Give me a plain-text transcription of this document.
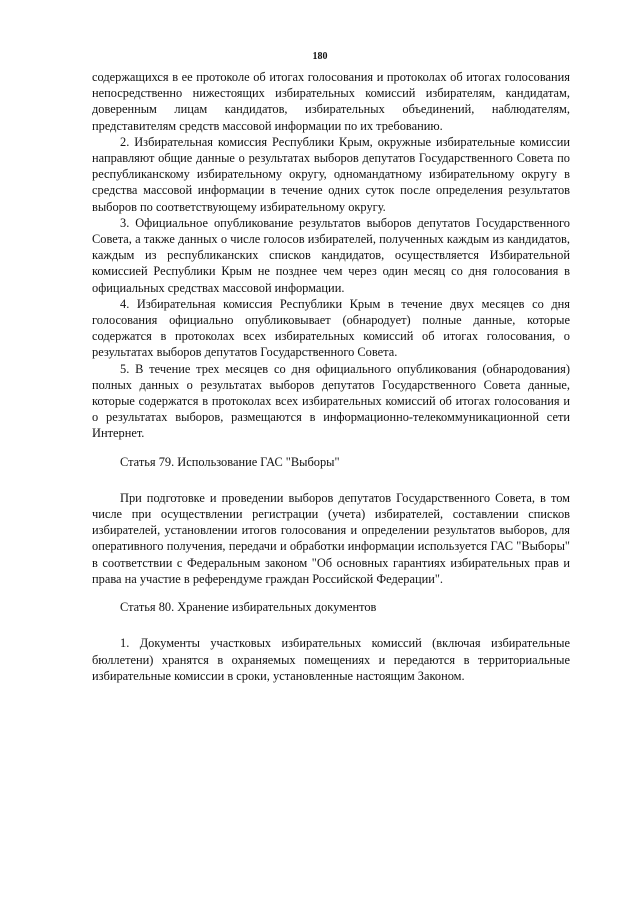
180

содержащихся в ее протоколе об итогах голосования и протоколах об итогах голосования непосредственно нижестоящих избирательных комиссий избирателям, кандидатам, доверенным лицам кандидатов, избирательных объединений, наблюдателям, представителям средств массовой информации по их требованию.

2. Избирательная комиссия Республики Крым, окружные избирательные комиссии направляют общие данные о результатах выборов депутатов Государственного Совета по республиканскому избирательному округу, одномандатному избирательному округу в средства массовой информации в течение одних суток после определения результатов выборов по соответствующему избирательному округу.

3. Официальное опубликование результатов выборов депутатов Государственного Совета, а также данных о числе голосов избирателей, полученных каждым из кандидатов, каждым из республиканских списков кандидатов, осуществляется Избирательной комиссией Республики Крым не позднее чем через один месяц со дня голосования в официальных средствах массовой информации.

4. Избирательная комиссия Республики Крым в течение двух месяцев со дня голосования официально опубликовывает (обнародует) полные данные, которые содержатся в протоколах всех избирательных комиссий об итогах голосования, о результатах выборов депутатов Государственного Совета.

5. В течение трех месяцев со дня официального опубликования (обнародования) полных данных о результатах выборов депутатов Государственного Совета данные, которые содержатся в протоколах всех избирательных комиссий об итогах голосования и о результатах выборов, размещаются в информационно-телекоммуникационной сети Интернет.

Статья 79. Использование ГАС "Выборы"

При подготовке и проведении выборов депутатов Государственного Совета, в том числе при осуществлении регистрации (учета) избирателей, составлении списков избирателей, установлении итогов голосования и определении результатов выборов, для оперативного получения, передачи и обработки информации используется ГАС "Выборы" в соответствии с Федеральным законом "Об основных гарантиях избирательных прав и права на участие в референдуме граждан Российской Федерации".

Статья 80. Хранение избирательных документов

1. Документы участковых избирательных комиссий (включая избирательные бюллетени) хранятся в охраняемых помещениях и передаются в территориальные избирательные комиссии в сроки, установленные настоящим Законом.
